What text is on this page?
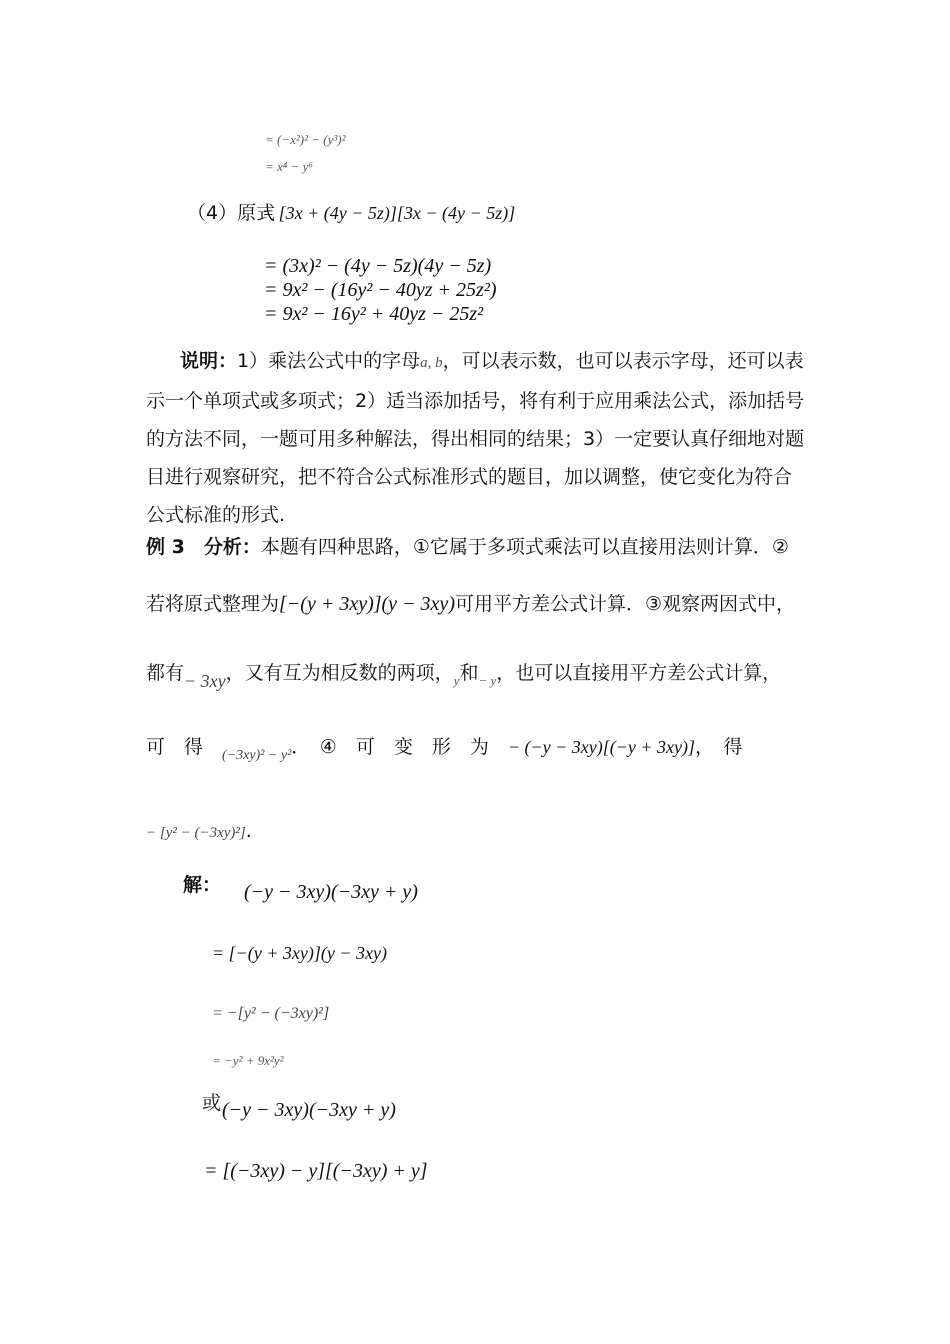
= (−x²)² − (y³)²
= x⁴ − y⁶
（4）原式
= [3x + (4y − 5z)][3x − (4y − 5z)]
= (3x)² − (4y − 5z)(4y − 5z)
= 9x² − (16y² − 40yz + 25z²)
= 9x² − 16y² + 40yz − 25z²
说明：1）乘法公式中的字母a, b，可以表示数，也可以表示字母，还可以表示一个单项式或多项式；2）适当添加括号，将有利于应用乘法公式，添加括号的方法不同，一题可用多种解法，得出相同的结果；3）一定要认真仔细地对题目进行观察研究，把不符合公式标准形式的题目，加以调整，使它变化为符合公式标准的形式.
例 3　 分析：本题有四种思路，①它属于多项式乘法可以直接用法则计算．②
若将原式整理为[−(y + 3xy)](y − 3xy)可用平方差公式计算．③观察两因式中，
都有− 3xy，又有互为相反数的两项，$_y$和$_{- y}$，也可以直接用平方差公式计算，
可　得　 $_{(-3xy)^2 - y^2}$．　④　可　变　形　为　 − (−y − 3xy)[(−y + 3xy)]，　得
− [y² − (−3xy)²].
解： (−y − 3xy)(−3xy + y)
= [−(y + 3xy)](y − 3xy)
= −[y² − (−3xy)²]
= −y² + 9x²y²
或 (−y − 3xy)(−3xy + y)
= [(−3xy) − y][(−3xy) + y]
